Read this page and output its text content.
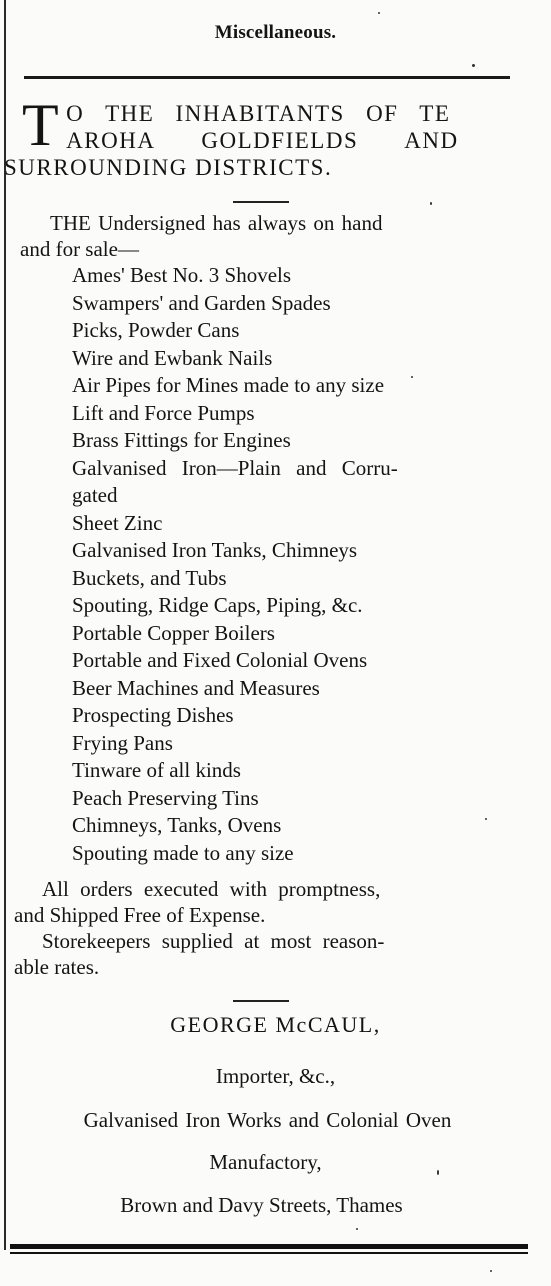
Miscellaneous.
T O THE INHABITANTS OF TE
AROHA GOLDFIELDS AND
SURROUNDING DISTRICTS.
THE Undersigned has always on hand
and for sale—
Ames' Best No. 3 Shovels
Swampers' and Garden Spades
Picks, Powder Cans
Wire and Ewbank Nails
Air Pipes for Mines made to any size
Lift and Force Pumps
Brass Fittings for Engines
Galvanised Iron—Plain and Corru-
gated
Sheet Zinc
Galvanised Iron Tanks, Chimneys
Buckets, and Tubs
Spouting, Ridge Caps, Piping, &c.
Portable Copper Boilers
Portable and Fixed Colonial Ovens
Beer Machines and Measures
Prospecting Dishes
Frying Pans
Tinware of all kinds
Peach Preserving Tins
Chimneys, Tanks, Ovens
Spouting made to any size
All orders executed with promptness,
and Shipped Free of Expense.
Storekeepers supplied at most reason-
able rates.
GEORGE McCAUL,
Importer, &c.,
Galvanised Iron Works and Colonial Oven
Manufactory,
Brown and Davy Streets, Thames
